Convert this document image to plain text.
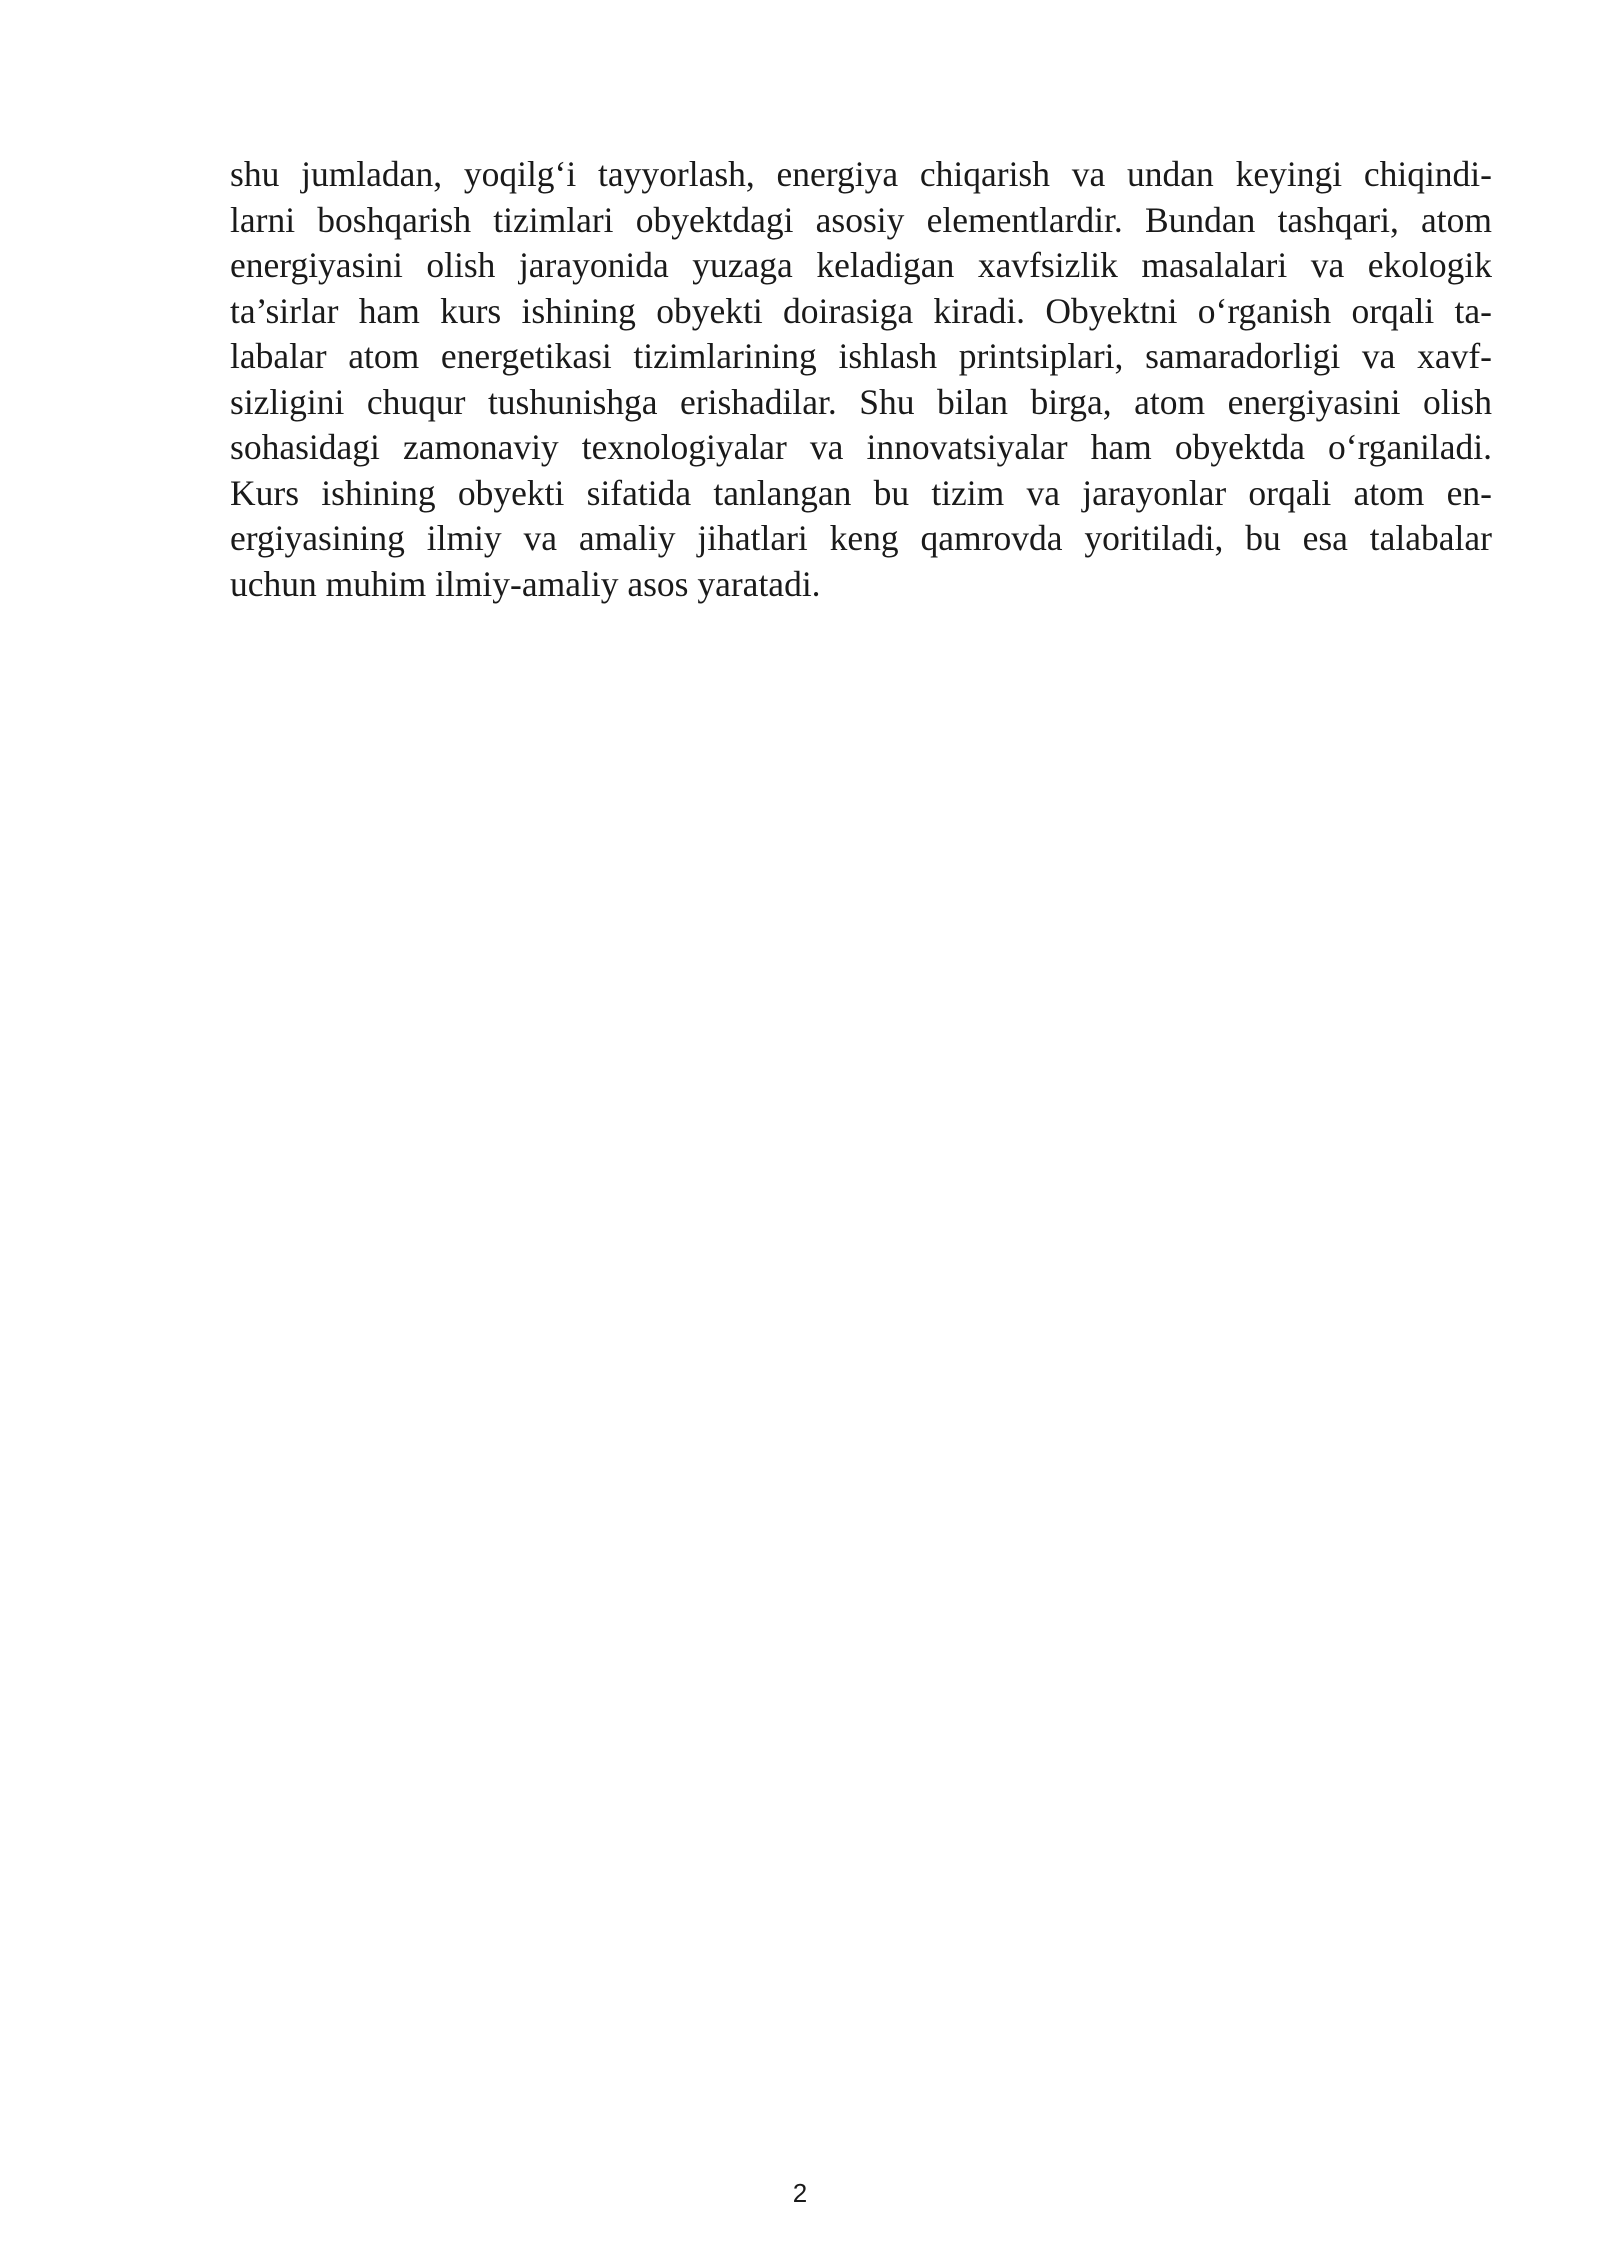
shu jumladan, yoqilg‘i tayyorlash, energiya chiqarish va undan keyingi chiqindi-
larni boshqarish tizimlari obyektdagi asosiy elementlardir. Bundan tashqari, atom
energiyasini olish jarayonida yuzaga keladigan xavfsizlik masalalari va ekologik
ta’sirlar ham kurs ishining obyekti doirasiga kiradi. Obyektni o‘rganish orqali ta-
labalar atom energetikasi tizimlarining ishlash printsiplari, samaradorligi va xavf-
sizligini chuqur tushunishga erishadilar. Shu bilan birga, atom energiyasini olish
sohasidagi zamonaviy texnologiyalar va innovatsiyalar ham obyektda o‘rganiladi.
Kurs ishining obyekti sifatida tanlangan bu tizim va jarayonlar orqali atom en-
ergiyasining ilmiy va amaliy jihatlari keng qamrovda yoritiladi, bu esa talabalar
uchun muhim ilmiy-amaliy asos yaratadi.

2
